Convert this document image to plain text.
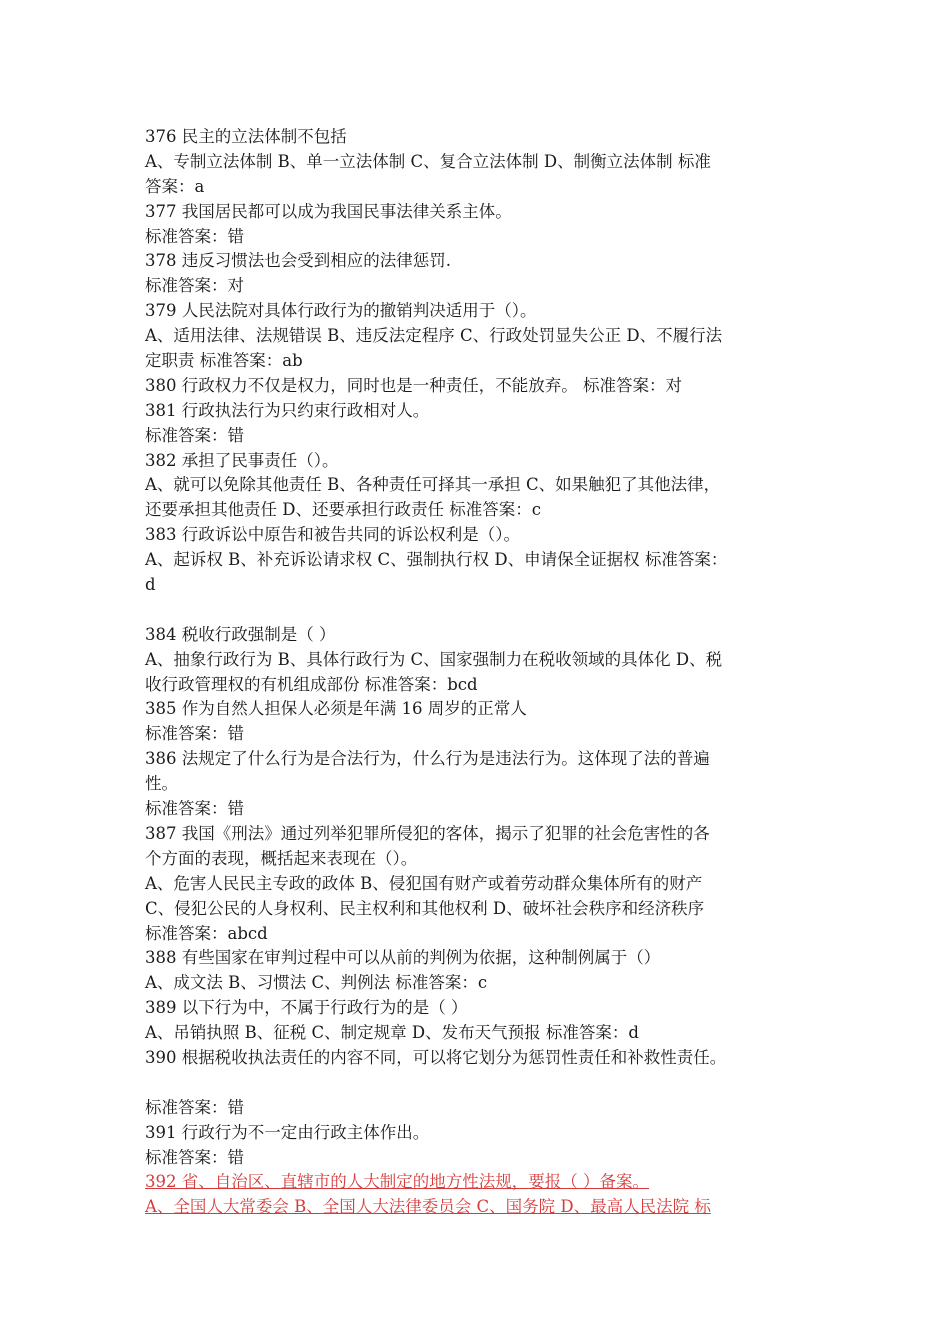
376 民主的立法体制不包括
A、专制立法体制 B、单一立法体制 C、复合立法体制 D、制衡立法体制 标准
答案：a
377 我国居民都可以成为我国民事法律关系主体。
标准答案：错
378 违反习惯法也会受到相应的法律惩罚.
标准答案：对
379 人民法院对具体行政行为的撤销判决适用于（）。
A、适用法律、法规错误 B、违反法定程序 C、行政处罚显失公正 D、不履行法
定职责 标准答案：ab
380 行政权力不仅是权力，同时也是一种责任，不能放弃。 标准答案：对
381 行政执法行为只约束行政相对人。
标准答案：错
382 承担了民事责任（）。
A、就可以免除其他责任 B、各种责任可择其一承担 C、如果触犯了其他法律，
还要承担其他责任 D、还要承担行政责任 标准答案：c
383 行政诉讼中原告和被告共同的诉讼权利是（）。
A、起诉权 B、补充诉讼请求权 C、强制执行权 D、申请保全证据权 标准答案：
d
384 税收行政强制是（ ）
A、抽象行政行为 B、具体行政行为 C、国家强制力在税收领域的具体化 D、税
收行政管理权的有机组成部份 标准答案：bcd
385 作为自然人担保人必须是年满 16 周岁的正常人
标准答案：错
386 法规定了什么行为是合法行为，什么行为是违法行为。这体现了法的普遍
性。
标准答案：错
387 我国《刑法》通过列举犯罪所侵犯的客体，揭示了犯罪的社会危害性的各
个方面的表现，概括起来表现在（）。
A、危害人民民主专政的政体 B、侵犯国有财产或着劳动群众集体所有的财产
C、侵犯公民的人身权利、民主权利和其他权利 D、破坏社会秩序和经济秩序
标准答案：abcd
388 有些国家在审判过程中可以从前的判例为依据，这种制例属于（）
A、成文法 B、习惯法 C、判例法 标准答案：c
389 以下行为中，不属于行政行为的是（ ）
A、吊销执照 B、征税 C、制定规章 D、发布天气预报 标准答案：d
390 根据税收执法责任的内容不同，可以将它划分为惩罚性责任和补救性责任。
标准答案：错
391 行政行为不一定由行政主体作出。
标准答案：错
392 省、自治区、直辖市的人大制定的地方性法规，要报（ ）备案。
A、全国人大常委会 B、全国人大法律委员会 C、国务院 D、最高人民法院 标
